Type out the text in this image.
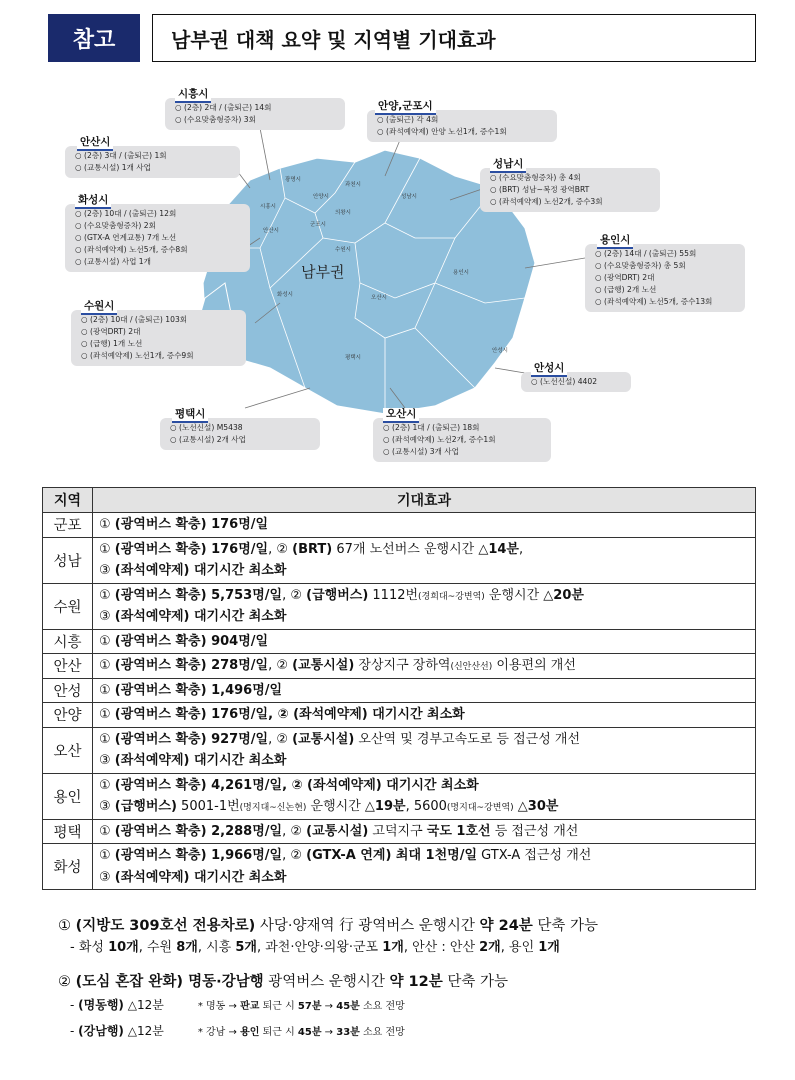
참고	남부권 대책 요약 및 지역별 기대효과
광명시
안양시
과천시
시흥시
의왕시
군포시
성남시
안산시
수원시
용인시
화성시	오산시
평택시
안성시
남부권
시흥시
○ (2층) 2대 / (출퇴근) 14회
○ (수요맞춤형증차) 3회
안양,군포시
○ (출퇴근) 각 4회
○ (좌석예약제) 안양 노선1개, 증수1회
안산시
○ (2층) 3대 / (출퇴근) 1회
○ (교통시설) 1개 사업	성남시
○ (수요맞춤형증차) 총 4회
○ (BRT) 성남~복정 광역BRT
○ (좌석예약제) 노선2개, 증수3회
화성시
○ (2층) 10대 / (출퇴근) 12회
○ (수요맞춤형증차) 2회
○ (GTX-A 연계교통) 7개 노선
○ (좌석예약제) 노선5개, 증수8회
○ (교통시설) 사업 1개
용인시
○ (2층) 14대 / (출퇴근) 55회
○ (수요맞춤형증차) 총 5회
○ (광역DRT) 2대
○ (급행) 2개 노선
○ (좌석예약제) 노선5개, 증수13회
수원시
○ (2층) 10대 / (출퇴근) 103회
○ (광역DRT) 2대
○ (급행) 1개 노선
○ (좌석예약제) 노선1개, 증수9회
안성시
○ (노선신설) 4402
평택시
○ (노선신설) M5438
○ (교통시설) 2개 사업
오산시
○ (2층) 1대 / (출퇴근) 18회
○ (좌석예약제) 노선2개, 증수1회
○ (교통시설) 3개 사업
지역	기대효과
군포	① (광역버스 확충) 176명/일

성남	① (광역버스 확충) 176명/일, ② (BRT) 67개 노선버스 운행시간 △14분,
③ (좌석예약제) 대기시간 최소화

수원	① (광역버스 확충) 5,753명/일, ② (급행버스) 1112번(경희대~강변역) 운행시간 △20분
③ (좌석예약제) 대기시간 최소화

시흥	① (광역버스 확충) 904명/일

안산	① (광역버스 확충) 278명/일, ② (교통시설) 장상지구 장하역(신안산선) 이용편의 개선

안성	① (광역버스 확충) 1,496명/일

안양	① (광역버스 확충) 176명/일, ② (좌석예약제) 대기시간 최소화

오산	① (광역버스 확충) 927명/일, ② (교통시설) 오산역 및 경부고속도로 등 접근성 개선
③ (좌석예약제) 대기시간 최소화

용인	① (광역버스 확충) 4,261명/일, ② (좌석예약제) 대기시간 최소화
③ (급행버스) 5001-1번(명지대~신논현) 운행시간 △19분, 5600(명지대~강변역) △30분

평택	① (광역버스 확충) 2,288명/일, ② (교통시설) 고덕지구 국도 1호선 등 접근성 개선

화성	① (광역버스 확충) 1,966명/일, ② (GTX-A 연계) 최대 1천명/일 GTX-A 접근성 개선
③ (좌석예약제) 대기시간 최소화
① (지방도 309호선 전용차로) 사당·양재역 行 광역버스 운행시간 약 24분 단축 가능
- 화성 10개, 수원 8개, 시흥 5개, 과천·안양·의왕·군포 1개, 안산 : 안산 2개, 용인 1개
② (도심 혼잡 완화) 명동·강남행 광역버스 운행시간 약 12분 단축 가능
- (명동행) △12분	* 명동 → 판교 퇴근 시 57분 → 45분 소요 전망
- (강남행) △12분	* 강남 → 용인 퇴근 시 45분 → 33분 소요 전망
